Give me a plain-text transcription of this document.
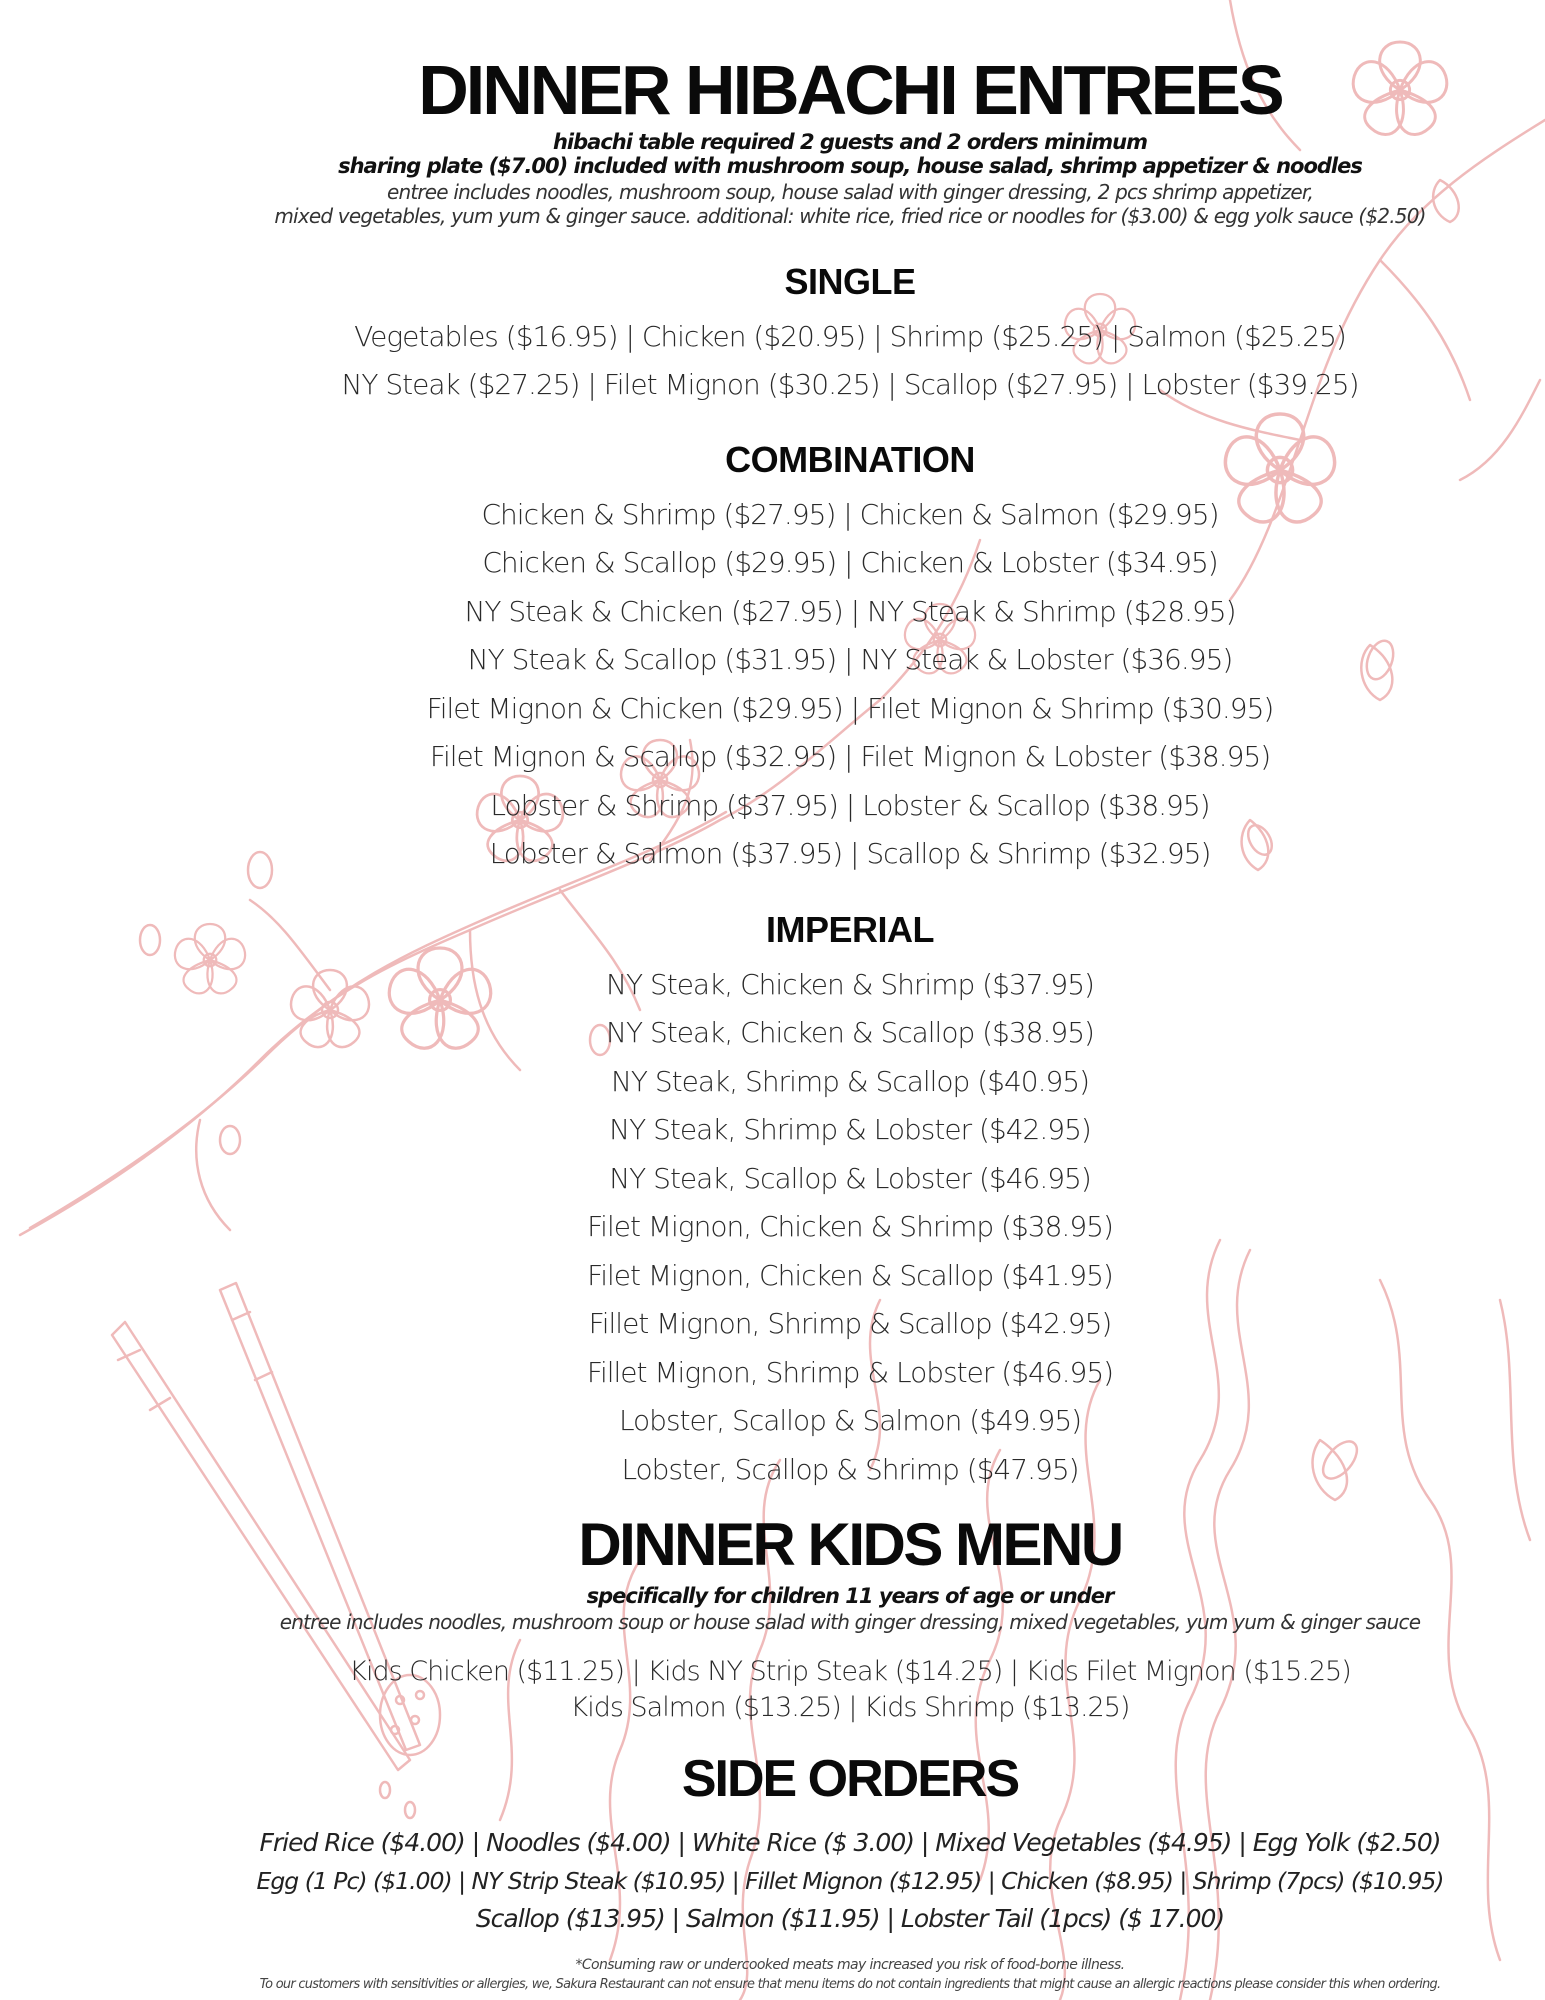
DINNER HIBACHI ENTREES
hibachi table required 2 guests and 2 orders minimum
sharing plate ($7.00) included with mushroom soup, house salad, shrimp appetizer & noodles
entree includes noodles, mushroom soup, house salad with ginger dressing, 2 pcs shrimp appetizer,
mixed vegetables, yum yum & ginger sauce. additional: white rice, fried rice or noodles for ($3.00) & egg yolk sauce ($2.50)
SINGLE
Vegetables ($16.95) | Chicken ($20.95) | Shrimp ($25.25) | Salmon ($25.25)
NY Steak ($27.25) | Filet Mignon ($30.25) | Scallop ($27.95) | Lobster ($39.25)
COMBINATION
Chicken & Shrimp ($27.95) | Chicken & Salmon ($29.95)
Chicken & Scallop ($29.95) | Chicken & Lobster ($34.95)
NY Steak & Chicken ($27.95) | NY Steak & Shrimp ($28.95)
NY Steak & Scallop ($31.95) | NY Steak & Lobster ($36.95)
Filet Mignon & Chicken ($29.95) | Filet Mignon & Shrimp ($30.95)
Filet Mignon & Scallop ($32.95) | Filet Mignon & Lobster ($38.95)
Lobster & Shrimp ($37.95) | Lobster & Scallop ($38.95)
Lobster & Salmon ($37.95) | Scallop & Shrimp ($32.95)
IMPERIAL
NY Steak, Chicken & Shrimp ($37.95)
NY Steak, Chicken & Scallop ($38.95)
NY Steak, Shrimp & Scallop ($40.95)
NY Steak, Shrimp & Lobster ($42.95)
NY Steak, Scallop & Lobster ($46.95)
Filet Mignon, Chicken & Shrimp ($38.95)
Filet Mignon, Chicken & Scallop ($41.95)
Fillet Mignon, Shrimp & Scallop ($42.95)
Fillet Mignon, Shrimp & Lobster ($46.95)
Lobster, Scallop & Salmon ($49.95)
Lobster, Scallop & Shrimp ($47.95)
DINNER KIDS MENU
specifically for children 11 years of age or under
entree includes noodles, mushroom soup or house salad with ginger dressing, mixed vegetables, yum yum & ginger sauce
Kids Chicken ($11.25) | Kids NY Strip Steak ($14.25) | Kids Filet Mignon ($15.25)
Kids Salmon ($13.25) | Kids Shrimp ($13.25)
SIDE ORDERS
Fried Rice ($4.00) | Noodles ($4.00) | White Rice ($ 3.00) | Mixed Vegetables ($4.95) | Egg Yolk ($2.50)
Egg (1 Pc) ($1.00) | NY Strip Steak ($10.95) | Fillet Mignon ($12.95) | Chicken ($8.95) | Shrimp (7pcs) ($10.95)
Scallop ($13.95) | Salmon ($11.95) | Lobster Tail (1pcs) ($ 17.00)
*Consuming raw or undercooked meats may increased you risk of food-borne illness.
To our customers with sensitivities or allergies, we, Sakura Restaurant can not ensure that menu items do not contain ingredients that might cause an allergic reactions please consider this when ordering.
